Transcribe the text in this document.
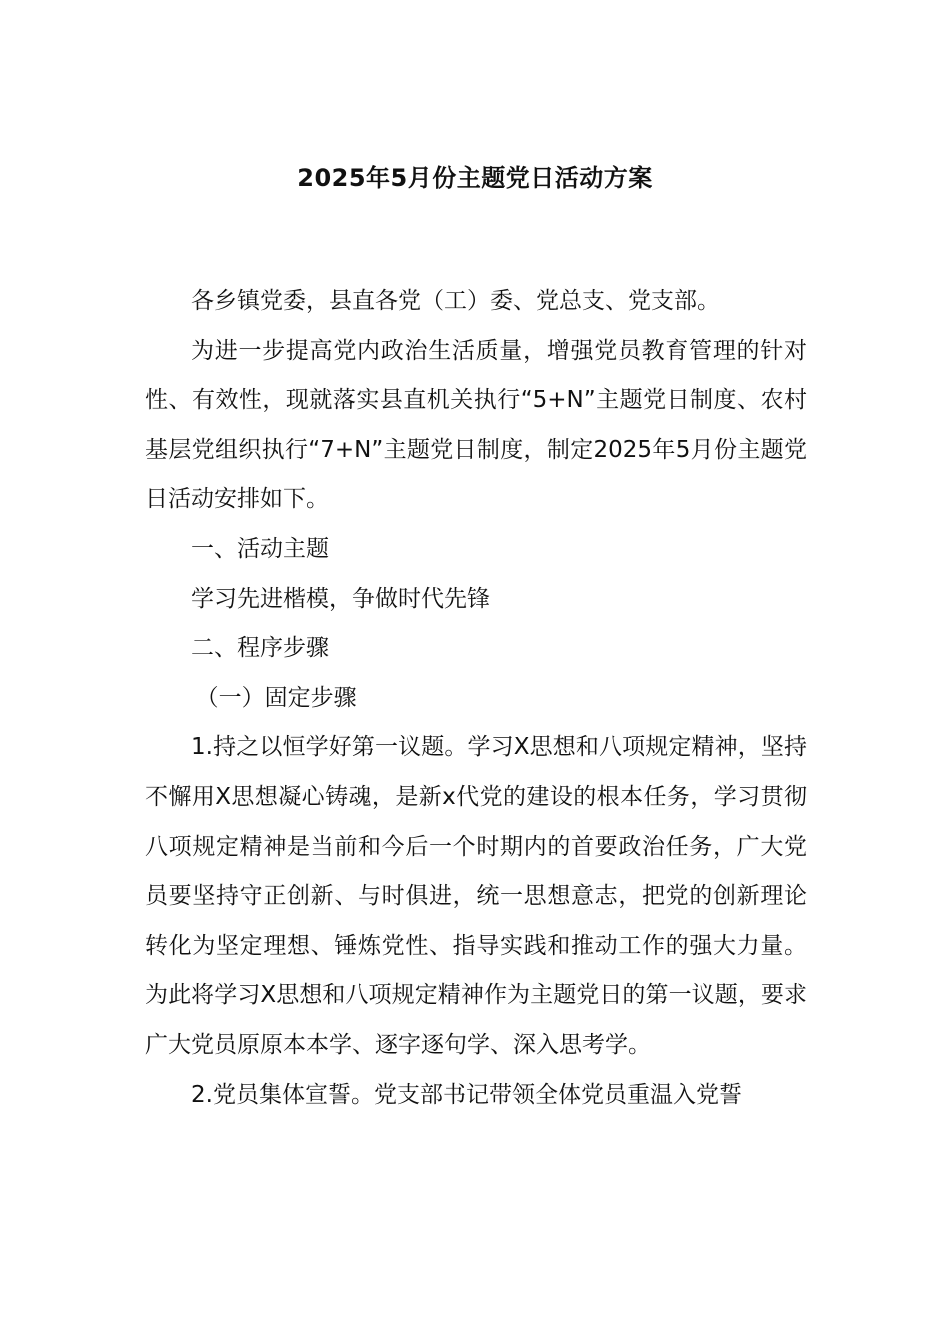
2025年5月份主题党日活动方案

各乡镇党委，县直各党（工）委、党总支、党支部。

为进一步提高党内政治生活质量，增强党员教育管理的针对性、有效性，现就落实县直机关执行“5+N”主题党日制度、农村基层党组织执行“7+N”主题党日制度，制定2025年5月份主题党日活动安排如下。

一、活动主题

学习先进楷模，争做时代先锋

二、程序步骤

（一）固定步骤

1.持之以恒学好第一议题。学习X思想和八项规定精神，坚持不懈用X思想凝心铸魂，是新x代党的建设的根本任务，学习贯彻八项规定精神是当前和今后一个时期内的首要政治任务，广大党员要坚持守正创新、与时俱进，统一思想意志，把党的创新理论转化为坚定理想、锤炼党性、指导实践和推动工作的强大力量。为此将学习X思想和八项规定精神作为主题党日的第一议题，要求广大党员原原本本学、逐字逐句学、深入思考学。

2.党员集体宣誓。党支部书记带领全体党员重温入党誓
